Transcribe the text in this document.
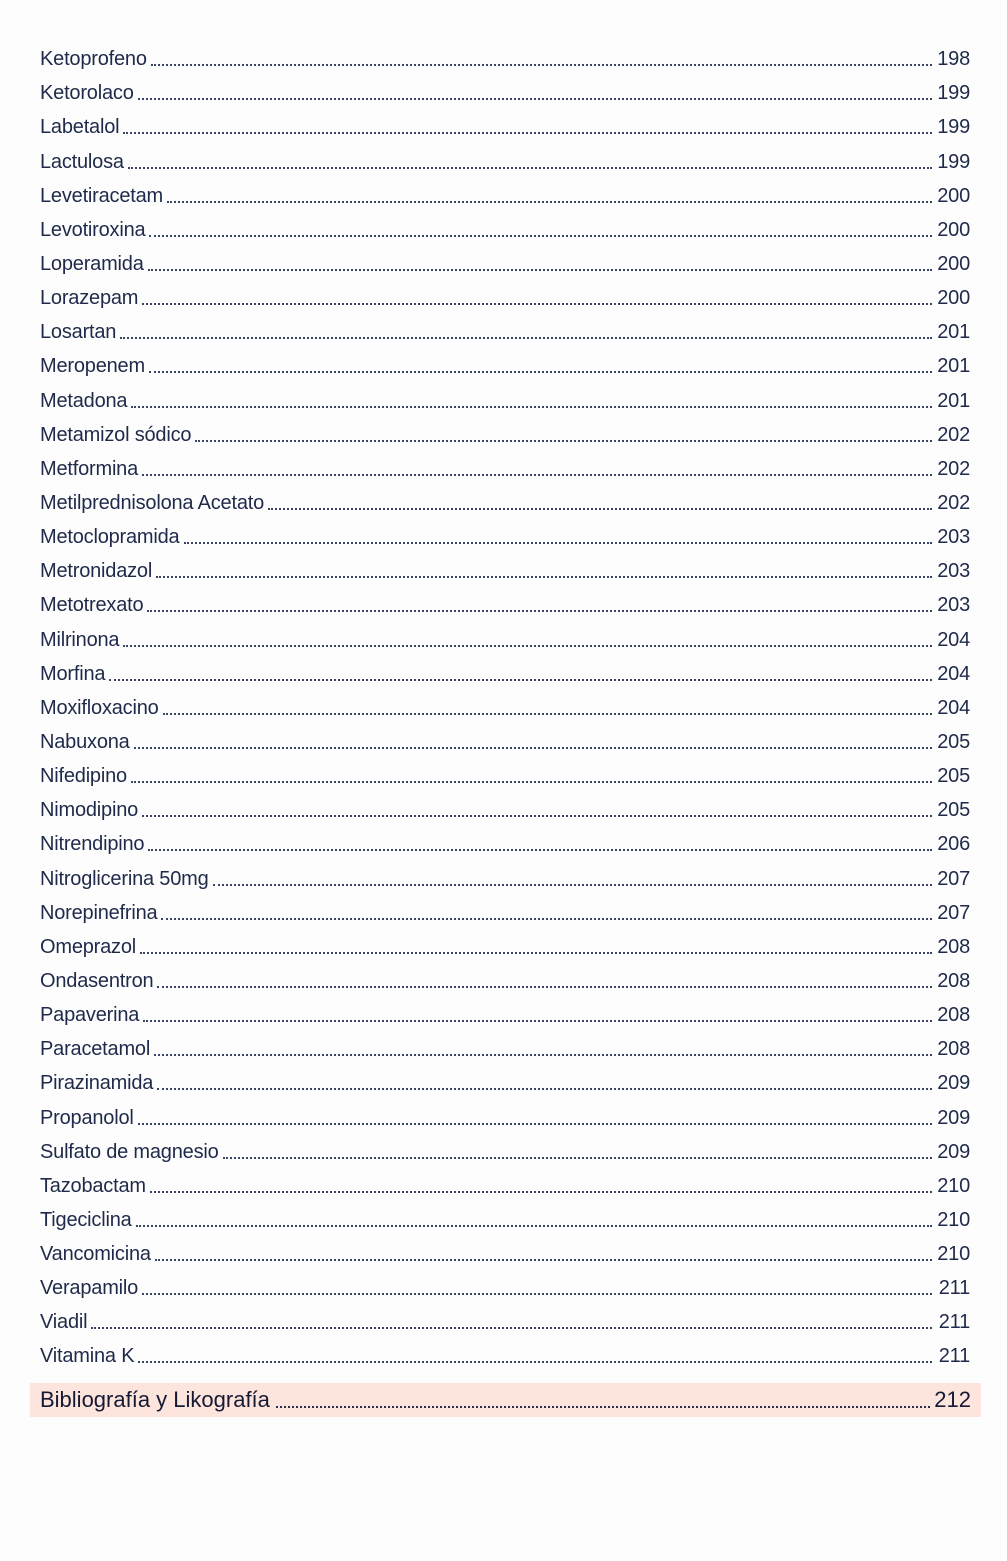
Ketoprofeno	198
Ketorolaco	199
Labetalol	199
Lactulosa	199
Levetiracetam	200
Levotiroxina	200
Loperamida	200
Lorazepam	200
Losartan	201
Meropenem	201
Metadona	201
Metamizol sódico	202
Metformina	202
Metilprednisolona Acetato	202
Metoclopramida	203
Metronidazol	203
Metotrexato	203
Milrinona	204
Morfina	204
Moxifloxacino	204
Nabuxona	205
Nifedipino	205
Nimodipino	205
Nitrendipino	206
Nitroglicerina 50mg	207
Norepinefrina	207
Omeprazol	208
Ondasentron	208
Papaverina	208
Paracetamol	208
Pirazinamida	209
Propanolol	209
Sulfato de magnesio	209
Tazobactam	210
Tigeciclina	210
Vancomicina	210
Verapamilo	211
Viadil	211
Vitamina K	211
Bibliografía y Likografía	212
